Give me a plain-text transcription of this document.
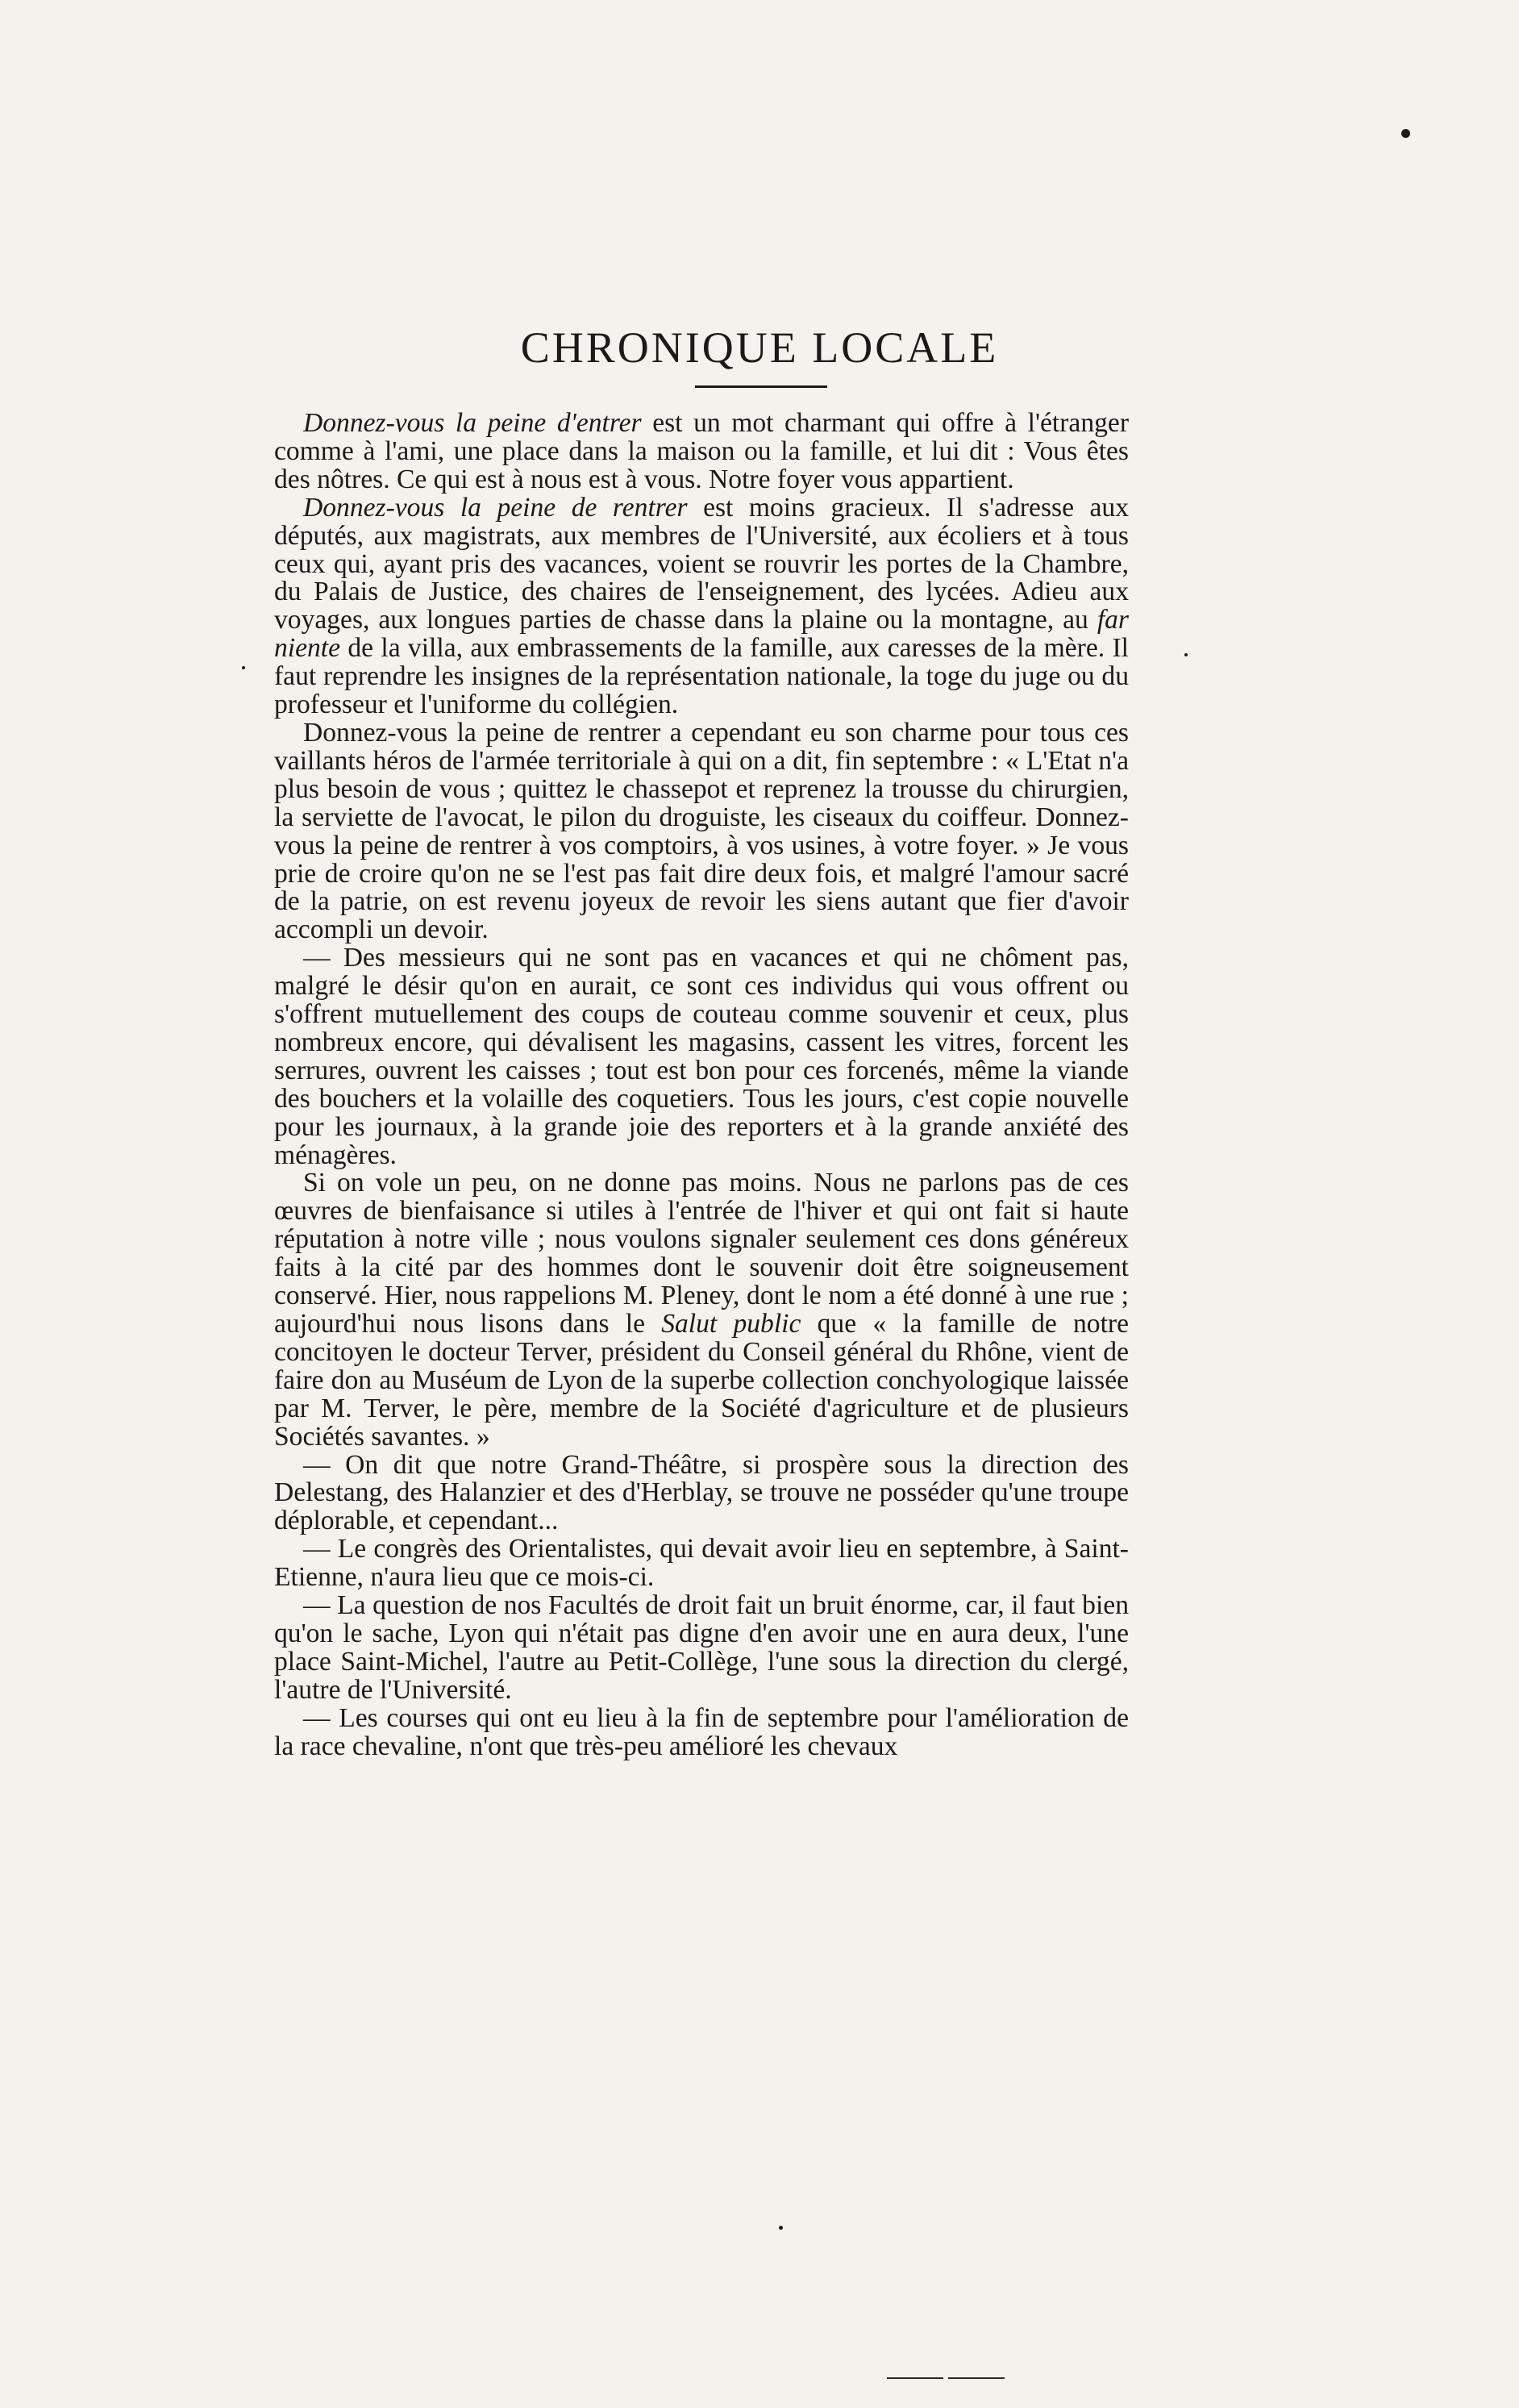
CHRONIQUE LOCALE

Donnez-vous la peine d'entrer est un mot charmant qui offre à l'étranger comme à l'ami, une place dans la maison ou la famille, et lui dit : Vous êtes des nôtres. Ce qui est à nous est à vous. Notre foyer vous appartient.

Donnez-vous la peine de rentrer est moins gracieux. Il s'adresse aux députés, aux magistrats, aux membres de l'Université, aux écoliers et à tous ceux qui, ayant pris des vacances, voient se rouvrir les portes de la Chambre, du Palais de Justice, des chaires de l'enseignement, des lycées. Adieu aux voyages, aux longues parties de chasse dans la plaine ou la montagne, au far niente de la villa, aux embrassements de la famille, aux caresses de la mère. Il faut reprendre les insignes de la représentation nationale, la toge du juge ou du professeur et l'uniforme du collégien.

Donnez-vous la peine de rentrer a cependant eu son charme pour tous ces vaillants héros de l'armée territoriale à qui on a dit, fin septembre : « L'Etat n'a plus besoin de vous ; quittez le chassepot et reprenez la trousse du chirurgien, la serviette de l'avocat, le pilon du droguiste, les ciseaux du coiffeur. Donnez-vous la peine de rentrer à vos comptoirs, à vos usines, à votre foyer. » Je vous prie de croire qu'on ne se l'est pas fait dire deux fois, et malgré l'amour sacré de la patrie, on est revenu joyeux de revoir les siens autant que fier d'avoir accompli un devoir.

— Des messieurs qui ne sont pas en vacances et qui ne chôment pas, malgré le désir qu'on en aurait, ce sont ces individus qui vous offrent ou s'offrent mutuellement des coups de couteau comme souvenir et ceux, plus nombreux encore, qui dévalisent les magasins, cassent les vitres, forcent les serrures, ouvrent les caisses ; tout est bon pour ces forcenés, même la viande des bouchers et la volaille des coquetiers. Tous les jours, c'est copie nouvelle pour les journaux, à la grande joie des reporters et à la grande anxiété des ménagères.

Si on vole un peu, on ne donne pas moins. Nous ne parlons pas de ces œuvres de bienfaisance si utiles à l'entrée de l'hiver et qui ont fait si haute réputation à notre ville ; nous voulons signaler seulement ces dons généreux faits à la cité par des hommes dont le souvenir doit être soigneusement conservé. Hier, nous rappelions M. Pleney, dont le nom a été donné à une rue ; aujourd'hui nous lisons dans le Salut public que « la famille de notre concitoyen le docteur Terver, président du Conseil général du Rhône, vient de faire don au Muséum de Lyon de la superbe collection conchyologique laissée par M. Terver, le père, membre de la Société d'agriculture et de plusieurs Sociétés savantes. »

— On dit que notre Grand-Théâtre, si prospère sous la direction des Delestang, des Halanzier et des d'Herblay, se trouve ne posséder qu'une troupe déplorable, et cependant...

— Le congrès des Orientalistes, qui devait avoir lieu en septembre, à Saint-Etienne, n'aura lieu que ce mois-ci.

— La question de nos Facultés de droit fait un bruit énorme, car, il faut bien qu'on le sache, Lyon qui n'était pas digne d'en avoir une en aura deux, l'une place Saint-Michel, l'autre au Petit-Collège, l'une sous la direction du clergé, l'autre de l'Université.

— Les courses qui ont eu lieu à la fin de septembre pour l'amélioration de la race chevaline, n'ont que très-peu amélioré les chevaux
